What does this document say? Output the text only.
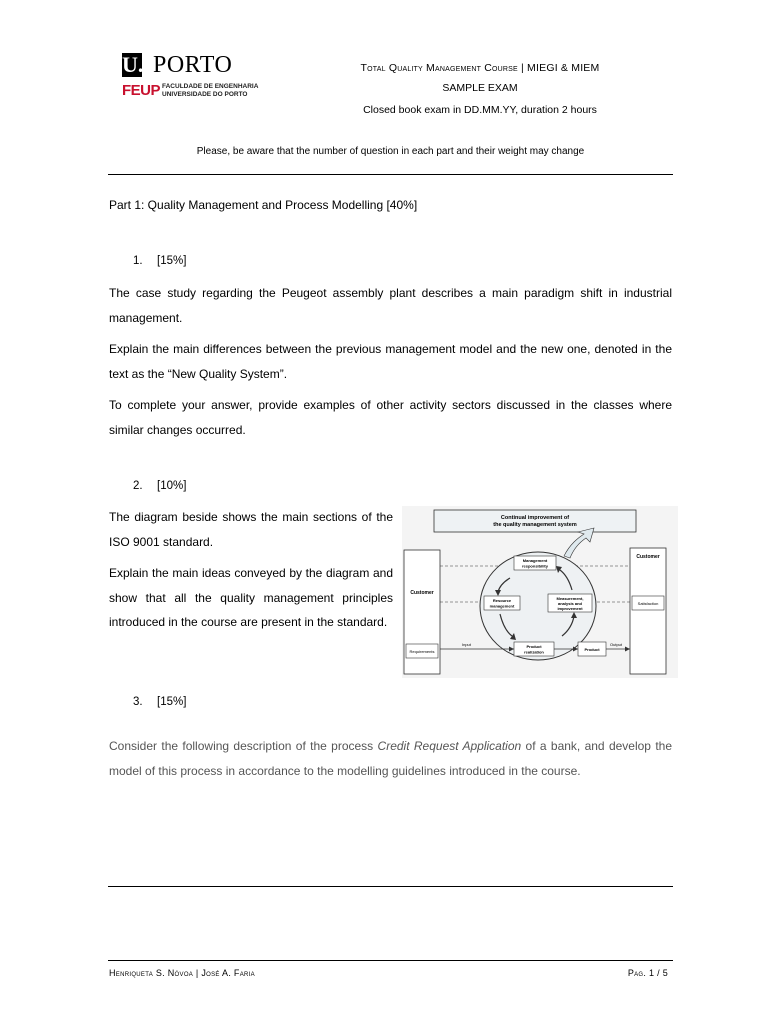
U. PORTO
FEUP FACULDADE DE ENGENHARIA
UNIVERSIDADE DO PORTO
Total Quality Management Course | MIEGI & MIEM
SAMPLE EXAM
Closed book exam in DD.MM.YY, duration 2 hours
Please, be aware that the number of question in each part and their weight may change
Part 1: Quality Management and Process Modelling [40%]
1. [15%]
The case study regarding the Peugeot assembly plant describes a main paradigm shift in industrial management.
Explain the main differences between the previous management model and the new one, denoted in the text as the “New Quality System”.
To complete your answer, provide examples of other activity sectors discussed in the classes where similar changes occurred.
2. [10%]
The diagram beside shows the main sections of the ISO 9001 standard.
Explain the main ideas conveyed by the diagram and show that all the quality management principles introduced in the course are present in the standard.
Continual improvement of
the quality management system
Customer
Requirements
Customer
Satisfaction
Management
responsibility
Resource
management
Measurement,
analysis and
improvement
Product
realization
Input
Product
Output
3. [15%]
Consider the following description of the process Credit Request Application of a bank, and develop the model of this process in accordance to the modelling guidelines introduced in the course.
Henriqueta S. Nóvoa | José A. Faria	Pag. 1 / 5
